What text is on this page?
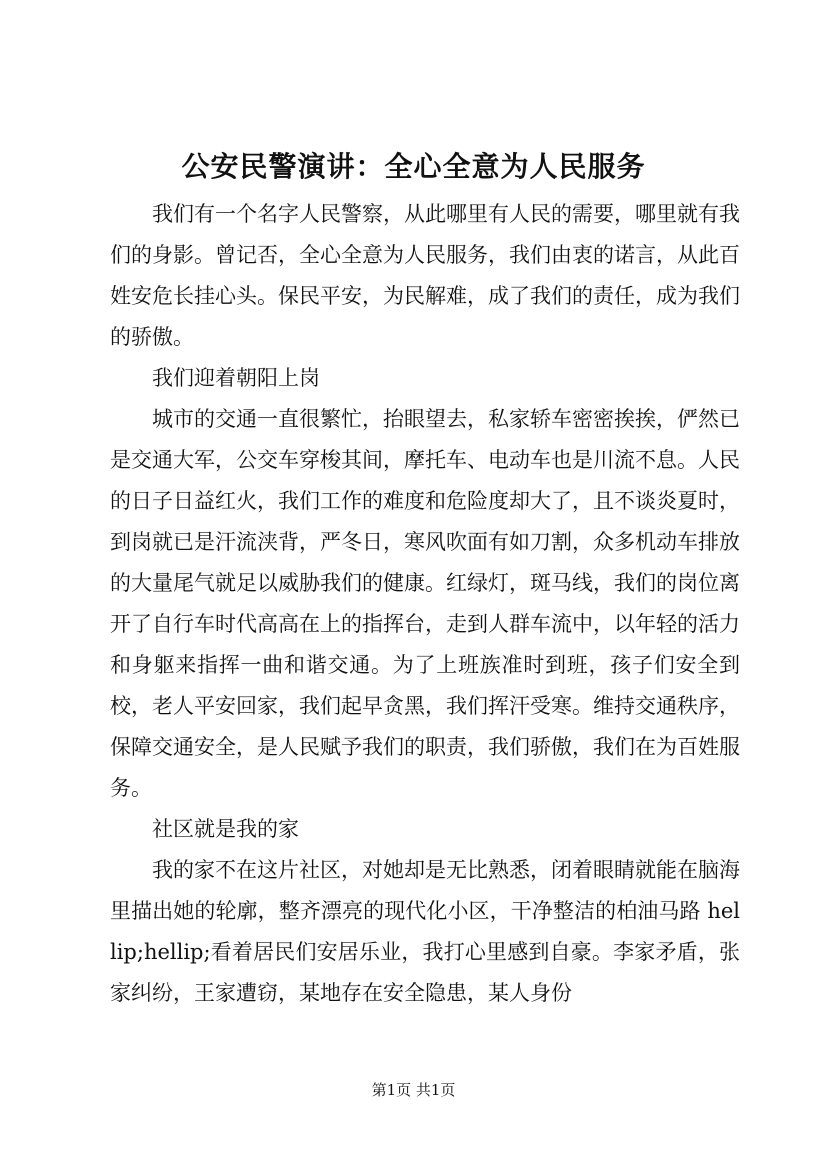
公安民警演讲：全心全意为人民服务

我们有一个名字人民警察，从此哪里有人民的需要，哪里就有我们的身影。曾记否，全心全意为人民服务，我们由衷的诺言，从此百姓安危长挂心头。保民平安，为民解难，成了我们的责任，成为我们的骄傲。

我们迎着朝阳上岗

城市的交通一直很繁忙，抬眼望去，私家轿车密密挨挨，俨然已是交通大军，公交车穿梭其间，摩托车、电动车也是川流不息。人民的日子日益红火，我们工作的难度和危险度却大了，且不谈炎夏时，到岗就已是汗流浃背，严冬日，寒风吹面有如刀割，众多机动车排放的大量尾气就足以威胁我们的健康。红绿灯，斑马线，我们的岗位离开了自行车时代高高在上的指挥台，走到人群车流中，以年轻的活力和身躯来指挥一曲和谐交通。为了上班族准时到班，孩子们安全到校，老人平安回家，我们起早贪黑，我们挥汗受寒。维持交通秩序，保障交通安全，是人民赋予我们的职责，我们骄傲，我们在为百姓服务。

社区就是我的家

我的家不在这片社区，对她却是无比熟悉，闭着眼睛就能在脑海里描出她的轮廓，整齐漂亮的现代化小区，干净整洁的柏油马路 hellip;hellip;看着居民们安居乐业，我打心里感到自豪。李家矛盾，张家纠纷，王家遭窃，某地存在安全隐患，某人身份

第1页 共1页
